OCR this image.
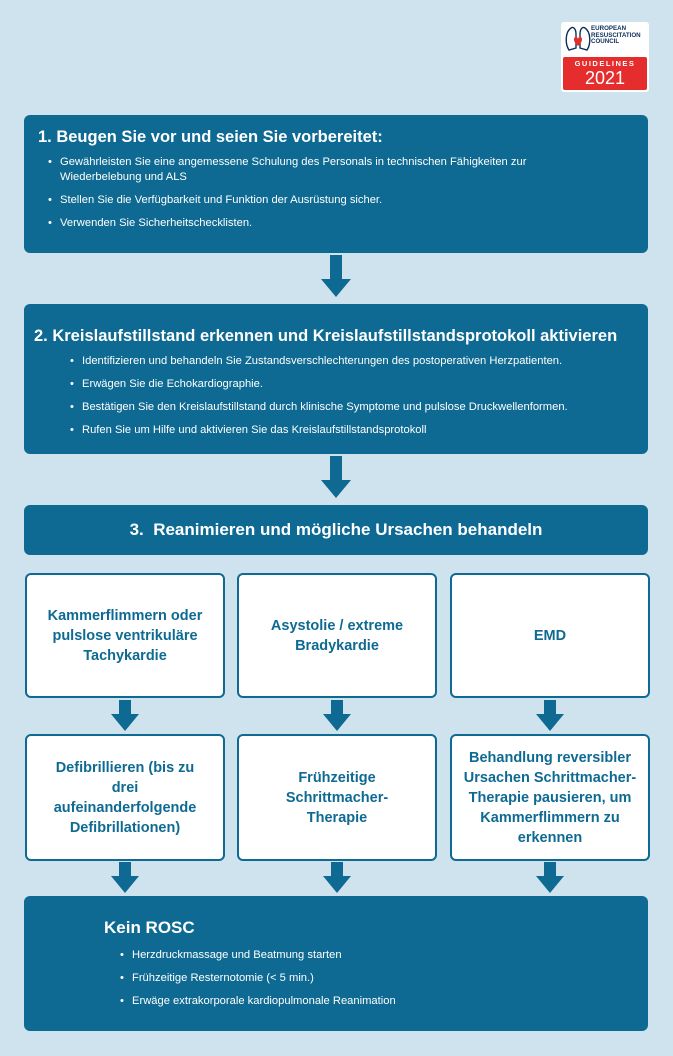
EUROPEAN
RESUSCITATION
COUNCIL
GUIDELINES
2021
1. Beugen Sie vor und seien Sie vorbereitet:
• Gewährleisten Sie eine angemessene Schulung des Personals in technischen Fähigkeiten zur Wiederbelebung und ALS
• Stellen Sie die Verfügbarkeit und Funktion der Ausrüstung sicher.
• Verwenden Sie Sicherheitschecklisten.
2. Kreislaufstillstand erkennen und Kreislaufstillstandsprotokoll aktivieren
• Identifizieren und behandeln Sie Zustandsverschlechterungen des postoperativen Herzpatienten.
• Erwägen Sie die Echokardiographie.
• Bestätigen Sie den Kreislaufstillstand durch klinische Symptome und pulslose Druckwellenformen.
• Rufen Sie um Hilfe und aktivieren Sie das Kreislaufstillstandsprotokoll
3.  Reanimieren und mögliche Ursachen behandeln
Kammerflimmern oder pulslose ventrikuläre Tachykardie
Asystolie / extreme Bradykardie
EMD
Defibrillieren (bis zu drei aufeinanderfolgende Defibrillationen)
Frühzeitige Schrittmacher- Therapie
Behandlung reversibler Ursachen Schrittmacher-Therapie pausieren, um Kammerflimmern zu erkennen
Kein ROSC
• Herzdruckmassage und Beatmung starten
• Frühzeitige Resternotomie (< 5 min.)
• Erwäge extrakorporale kardiopulmonale Reanimation
